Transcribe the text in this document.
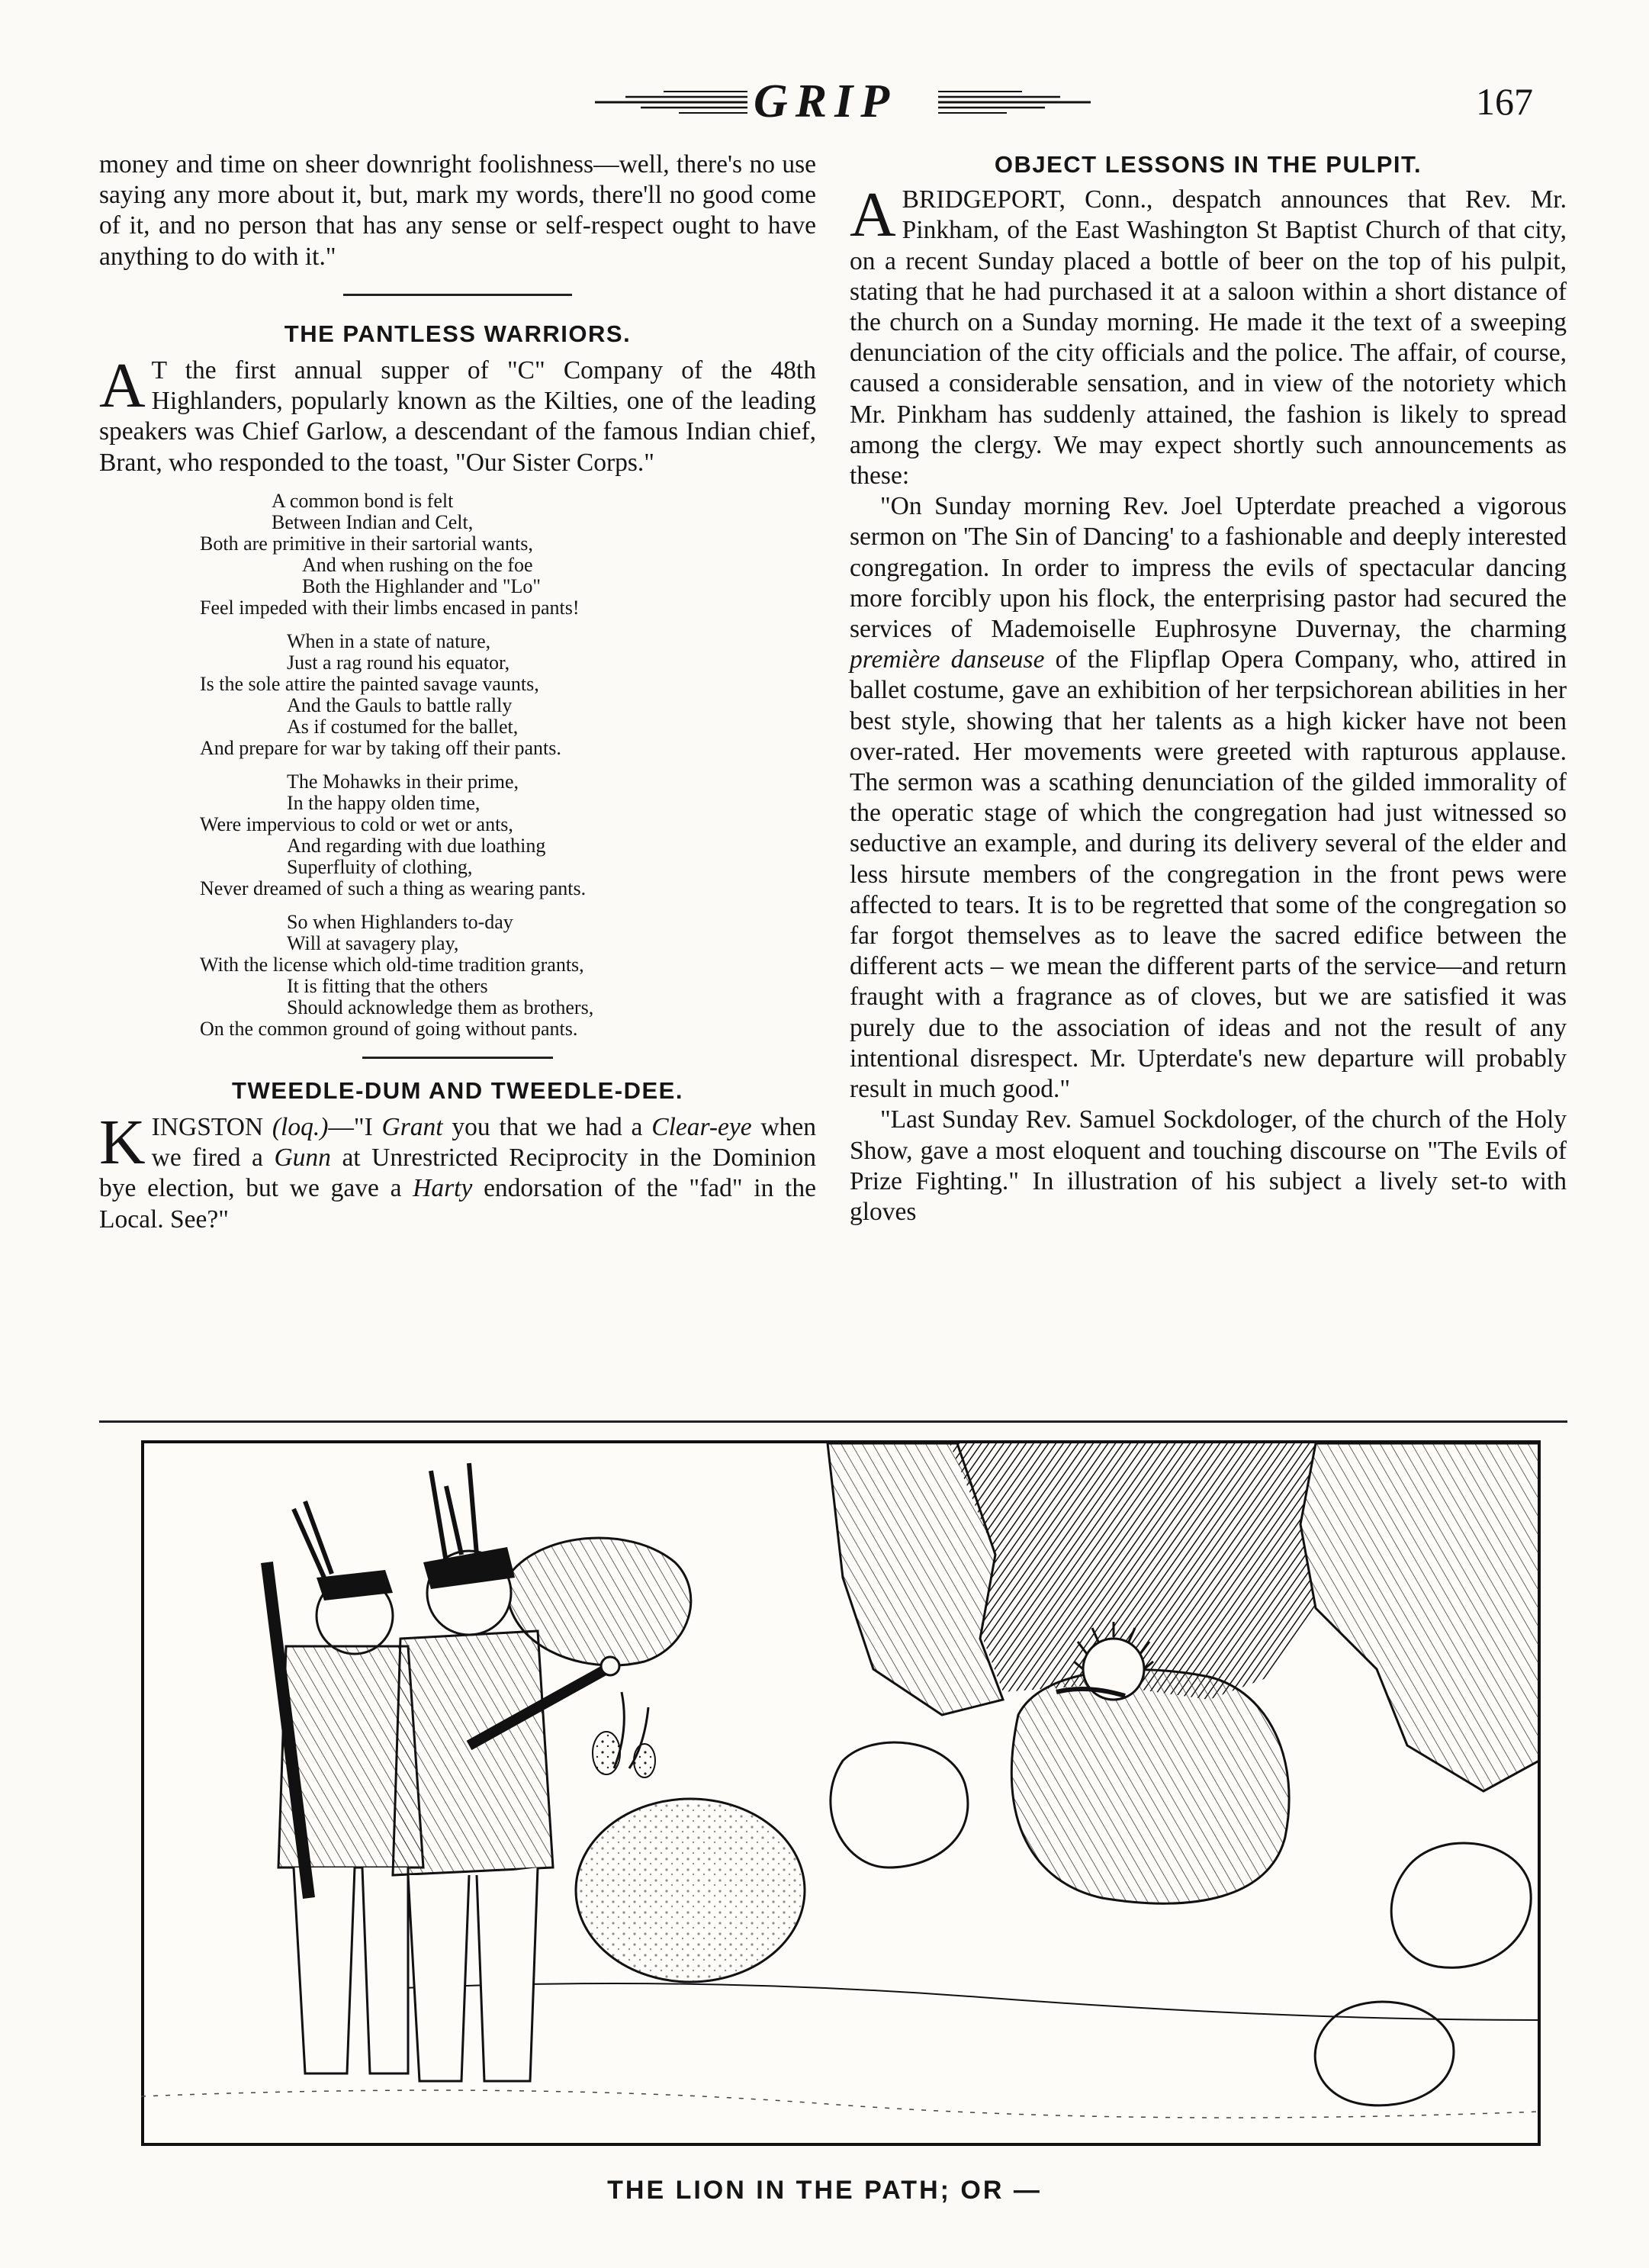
GRIP	167

money and time on sheer downright foolishness—well, there's no use saying any more about it, but, mark my words, there'll no good come of it, and no person that has any sense or self-respect ought to have anything to do with it."

THE PANTLESS WARRIORS.

A T the first annual supper of "C" Company of the 48th Highlanders, popularly known as the Kilties, one of the leading speakers was Chief Garlow, a descendant of the famous Indian chief, Brant, who responded to the toast, "Our Sister Corps."

A common bond is felt
Between Indian and Celt,
Both are primitive in their sartorial wants,
And when rushing on the foe
Both the Highlander and "Lo"
Feel impeded with their limbs encased in pants!
When in a state of nature,
Just a rag round his equator,
Is the sole attire the painted savage vaunts,
And the Gauls to battle rally
As if costumed for the ballet,
And prepare for war by taking off their pants.
The Mohawks in their prime,
In the happy olden time,
Were impervious to cold or wet or ants,
And regarding with due loathing
Superfluity of clothing,
Never dreamed of such a thing as wearing pants.
So when Highlanders to-day
Will at savagery play,
With the license which old-time tradition grants,
It is fitting that the others
Should acknowledge them as brothers,
On the common ground of going without pants.
TWEEDLE-DUM AND TWEEDLE-DEE.

KINGSTON (loq.)—"I Grant you that we had a Clear-eye when we fired a Gunn at Unrestricted Reciprocity in the Dominion bye election, but we gave a Harty endorsation of the "fad" in the Local. See?"

OBJECT LESSONS IN THE PULPIT.

A BRIDGEPORT, Conn., despatch announces that Rev. Mr. Pinkham, of the East Washington St Baptist Church of that city, on a recent Sunday placed a bottle of beer on the top of his pulpit, stating that he had purchased it at a saloon within a short distance of the church on a Sunday morning. He made it the text of a sweeping denunciation of the city officials and the police. The affair, of course, caused a considerable sensation, and in view of the notoriety which Mr. Pinkham has suddenly attained, the fashion is likely to spread among the clergy. We may expect shortly such announcements as these:

"On Sunday morning Rev. Joel Upterdate preached a vigorous sermon on 'The Sin of Dancing' to a fashionable and deeply interested congregation. In order to impress the evils of spectacular dancing more forcibly upon his flock, the enterprising pastor had secured the services of Mademoiselle Euphrosyne Duvernay, the charming première danseuse of the Flipflap Opera Company, who, attired in ballet costume, gave an exhibition of her terpsichorean abilities in her best style, showing that her talents as a high kicker have not been over-rated. Her movements were greeted with rapturous applause. The sermon was a scathing denunciation of the gilded immorality of the operatic stage of which the congregation had just witnessed so seductive an example, and during its delivery several of the elder and less hirsute members of the congregation in the front pews were affected to tears. It is to be regretted that some of the congregation so far forgot themselves as to leave the sacred edifice between the different acts – we mean the different parts of the service—and return fraught with a fragrance as of cloves, but we are satisfied it was purely due to the association of ideas and not the result of any intentional disrespect. Mr. Upterdate's new departure will probably result in much good."

"Last Sunday Rev. Samuel Sockdologer, of the church of the Holy Show, gave a most eloquent and touching discourse on "The Evils of Prize Fighting." In illustration of his subject a lively set-to with gloves

THE LION IN THE PATH; OR —
